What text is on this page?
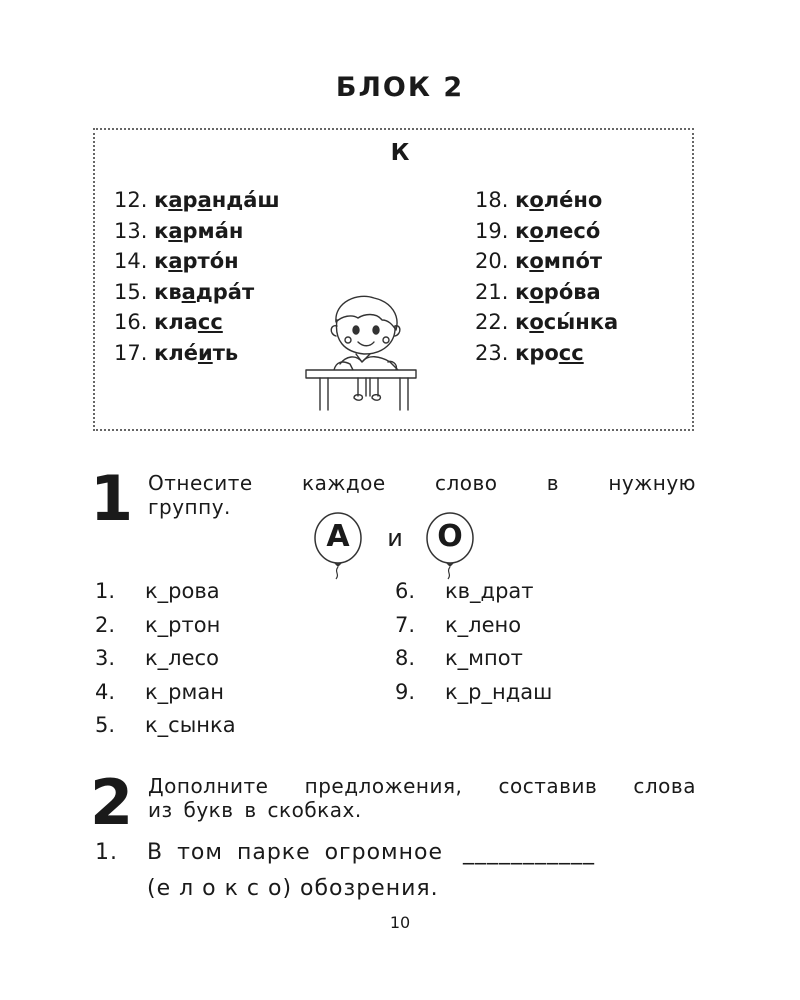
БЛОК 2
К
12. каранда́ш
13. карма́н
14. карто́н
15. квадра́т
16. класс
17. кле́ить
18. коле́но
19. колесо́
20. компо́т
21. коро́ва
22. косы́нка
23. кросс
1 Отнесите каждое слово в нужную
группу.
А	и	О
1. к_рова
2. к_ртон
3. к_лесо
4. к_рман
5. к_сынка
6. кв_драт
7. к_лено
8. к_мпот
9. к_р_ндаш
2 Дополните предложения, составив слова
из букв в скобках.
1. В том парке огромное ___________
(е л о к с о) обозрения.
10
